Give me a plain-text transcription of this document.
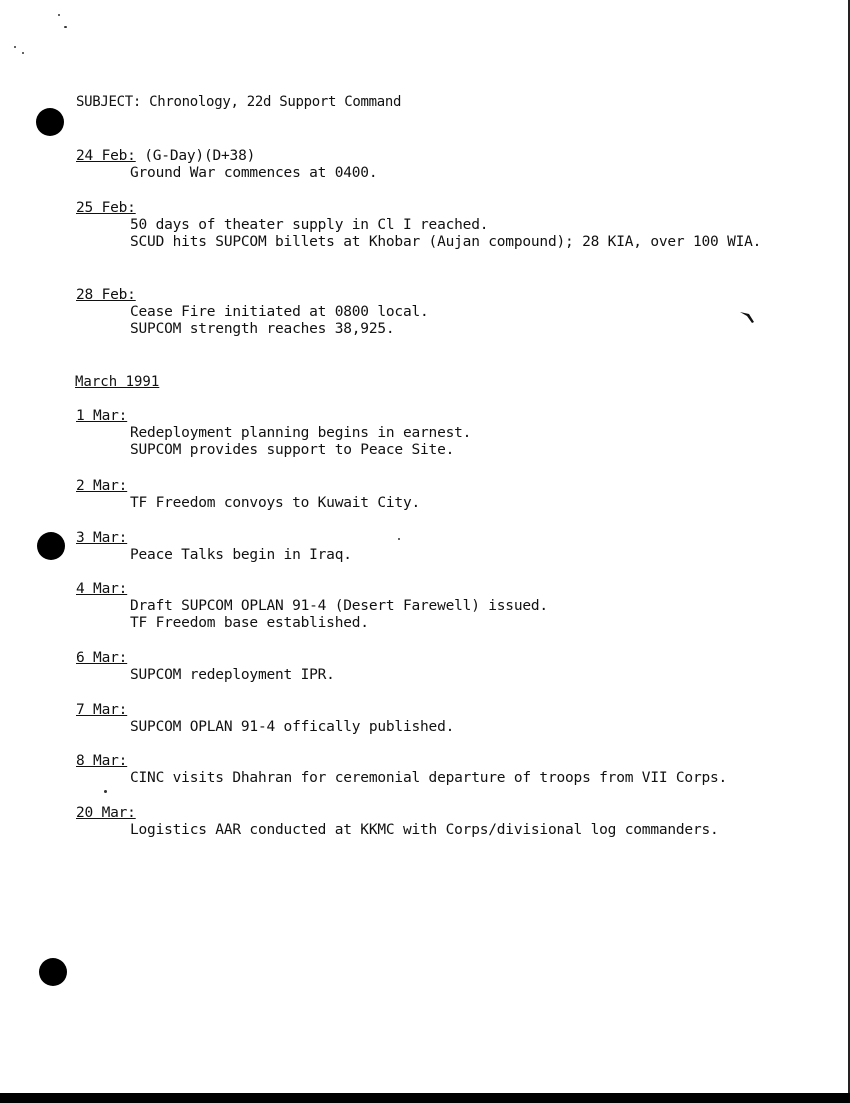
SUBJECT: Chronology, 22d Support Command
24 Feb: (G-Day)(D+38)
Ground War commences at 0400.
25 Feb:
50 days of theater supply in Cl I reached.
SCUD hits SUPCOM billets at Khobar (Aujan compound); 28 KIA, over 100 WIA.
28 Feb:
Cease Fire initiated at 0800 local.
SUPCOM strength reaches 38,925.
March 1991
1 Mar:
Redeployment planning begins in earnest.
SUPCOM provides support to Peace Site.
2 Mar:
TF Freedom convoys to Kuwait City.
3 Mar:
Peace Talks begin in Iraq.
4 Mar:
Draft SUPCOM OPLAN 91-4 (Desert Farewell) issued.
TF Freedom base established.
6 Mar:
SUPCOM redeployment IPR.
7 Mar:
SUPCOM OPLAN 91-4 offically published.
8 Mar:
CINC visits Dhahran for ceremonial departure of troops from VII Corps.
20 Mar:
Logistics AAR conducted at KKMC with Corps/divisional log commanders.
